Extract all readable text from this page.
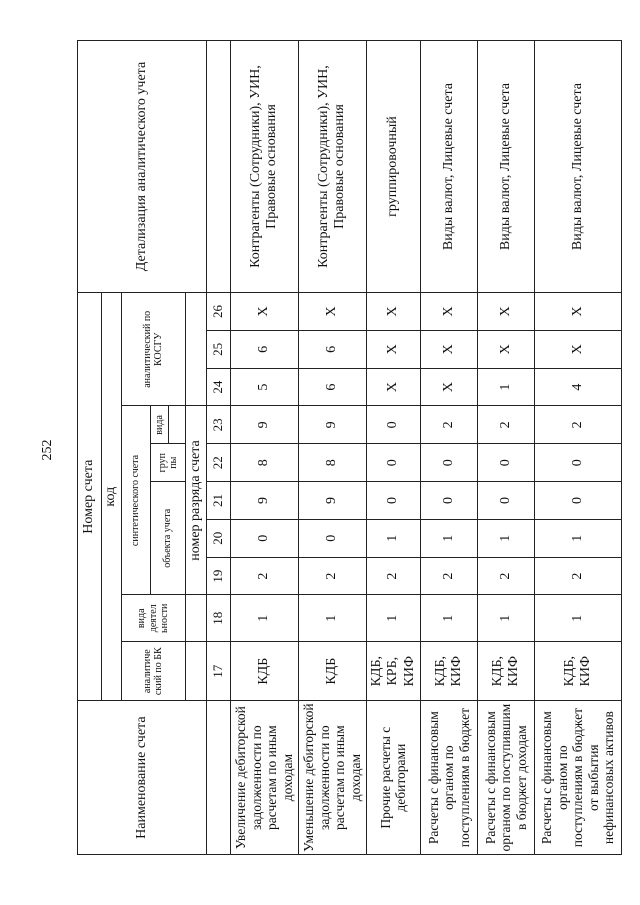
252
Наименование счета	Номер счета										Детализация аналитического учета
	код										
	аналитиче ский по БК	вида деятел ьности	синтетического счета					аналитический по КОСГУ			
			объекта учета			груп пы	вида				

			номер разряда счета								
	17	18	19	20	21	22	23	24	25	26	
Увеличение дебиторской задолженности по расчетам по иным доходам	КДБ	1	2	0	9	8	9	5	6	Х	Контрагенты (Сотрудники), УИН, Правовые основания
Уменьшение дебиторской задолженности по расчетам по иным доходам	КДБ	1	2	0	9	8	9	6	6	Х	Контрагенты (Сотрудники), УИН, Правовые основания
Прочие расчеты с дебиторами	КДБ, КРБ, КИФ	1	2	1	0	0	0	Х	Х	Х	группировочный
Расчеты с финансовым органом по поступлениям в бюджет	КДБ, КИФ	1	2	1	0	0	2	Х	Х	Х	Виды валют, Лицевые счета
Расчеты с финансовым органом по поступившим в бюджет доходам	КДБ, КИФ	1	2	1	0	0	2	1	Х	Х	Виды валют, Лицевые счета
Расчеты с финансовым органом по поступлениям в бюджет от выбытия нефинансовых активов	КДБ, КИФ	1	2	1	0	0	2	4	Х	Х	Виды валют, Лицевые счета
